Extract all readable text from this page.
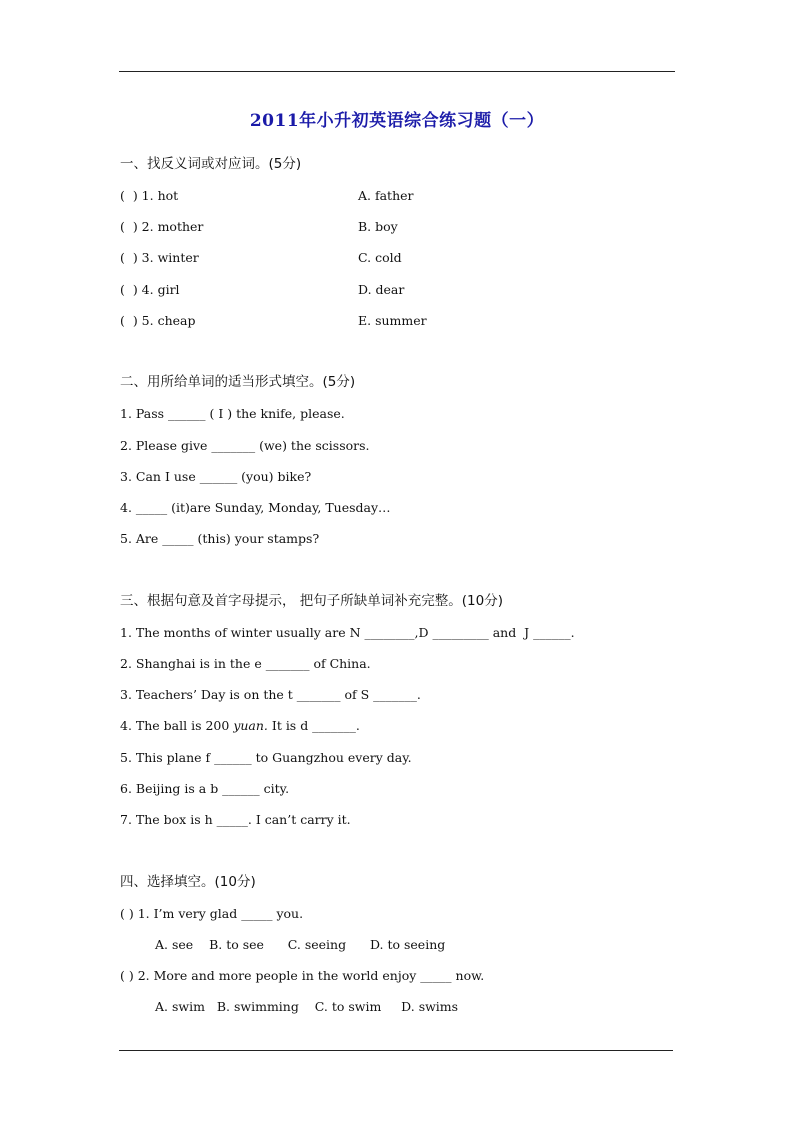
2011年小升初英语综合练习题（一）
一、找反义词或对应词。(5分)
(  ) 1. hot	A. father
(  ) 2. mother	B. boy
(  ) 3. winter	C. cold
(  ) 4. girl	D. dear
(  ) 5. cheap	E. summer
二、用所给单词的适当形式填空。(5分)
1. Pass ______ ( I ) the knife, please.
2. Please give _______ (we) the scissors.
3. Can I use ______ (you) bike?
4. _____ (it)are Sunday, Monday, Tuesday…
5. Are _____ (this) your stamps?
三、根据句意及首字母提示， 把句子所缺单词补充完整。(10分)
1. The months of winter usually are N ________,D _________ and  J ______.
2. Shanghai is in the e _______ of China.
3. Teachers’ Day is on the t _______ of S _______.
4. The ball is 200 yuan. It is d _______.
5. This plane f ______ to Guangzhou every day.
6. Beijing is a b ______ city.
7. The box is h _____. I can’t carry it.
四、选择填空。(10分)
( ) 1. I’m very glad _____ you.
A. see    B. to see      C. seeing      D. to seeing
( ) 2. More and more people in the world enjoy _____ now.
A. swim   B. swimming    C. to swim     D. swims
